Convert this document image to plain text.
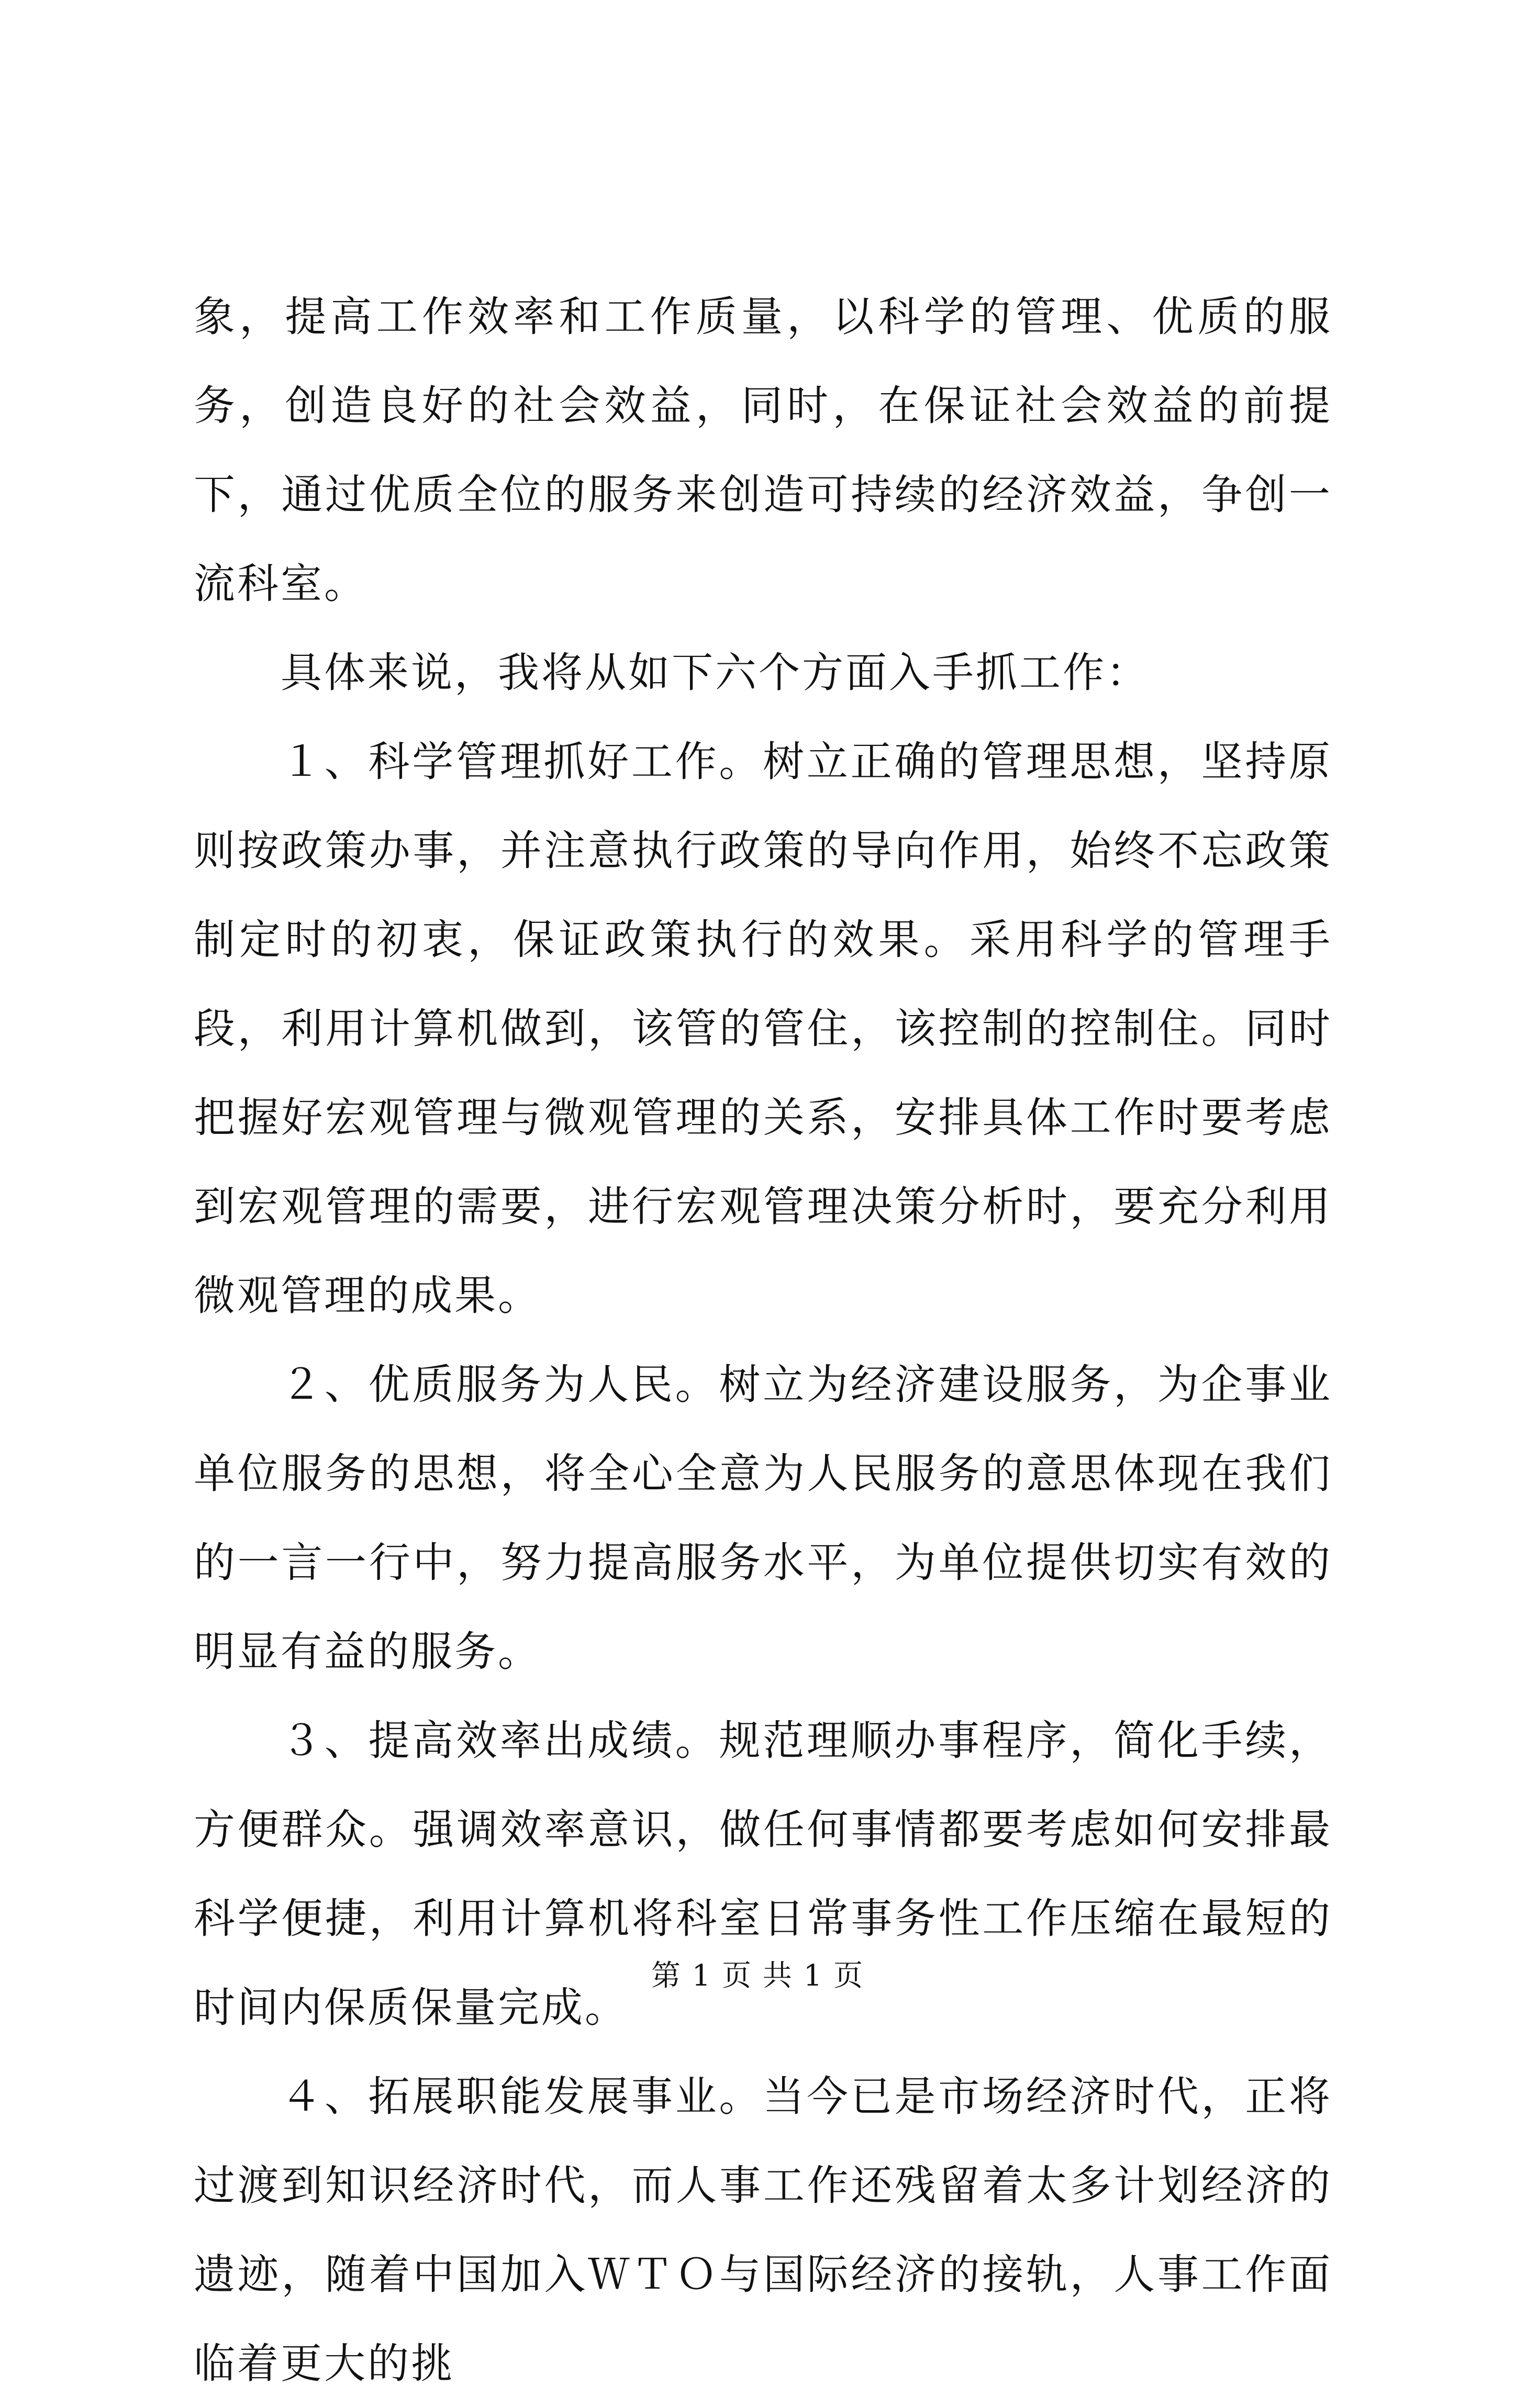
象，提高工作效率和工作质量，以科学的管理、优质的服务，创造良好的社会效益，同时，在保证社会效益的前提下，通过优质全位的服务来创造可持续的经济效益，争创一流科室。

具体来说，我将从如下六个方面入手抓工作：

１、科学管理抓好工作。树立正确的管理思想，坚持原则按政策办事，并注意执行政策的导向作用，始终不忘政策制定时的初衷，保证政策执行的效果。采用科学的管理手段，利用计算机做到，该管的管住，该控制的控制住。同时把握好宏观管理与微观管理的关系，安排具体工作时要考虑到宏观管理的需要，进行宏观管理决策分析时，要充分利用微观管理的成果。

２、优质服务为人民。树立为经济建设服务，为企事业单位服务的思想，将全心全意为人民服务的意思体现在我们的一言一行中，努力提高服务水平，为单位提供切实有效的明显有益的服务。

３、提高效率出成绩。规范理顺办事程序，简化手续，方便群众。强调效率意识，做任何事情都要考虑如何安排最科学便捷，利用计算机将科室日常事务性工作压缩在最短的时间内保质保量完成。

４、拓展职能发展事业。当今已是市场经济时代，正将过渡到知识经济时代，而人事工作还残留着太多计划经济的遗迹，随着中国加入ＷＴＯ与国际经济的接轨，人事工作面临着更大的挑

第 1 页 共 1 页
